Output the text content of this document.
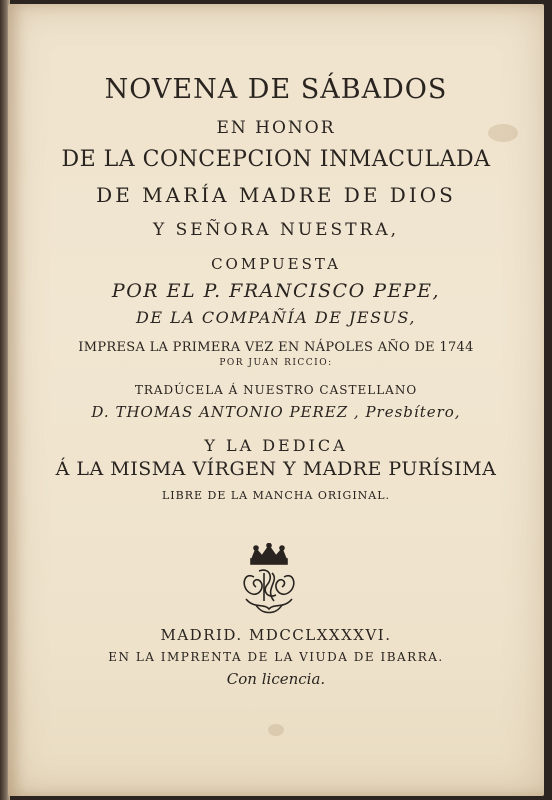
NOVENA DE SÁBADOS
EN HONOR
DE LA CONCEPCION INMACULADA
DE MARÍA MADRE DE DIOS
Y SEÑORA NUESTRA,
COMPUESTA
POR EL P. FRANCISCO PEPE,
DE LA COMPAÑÍA DE JESUS,
IMPRESA LA PRIMERA VEZ EN NÁPOLES AÑO DE 1744
POR JUAN RICCIO:
TRADÚCELA Á NUESTRO CASTELLANO
D. THOMAS ANTONIO PEREZ , Presbítero,
Y LA DEDICA
Á LA MISMA VÍRGEN Y MADRE PURÍSIMA
LIBRE DE LA MANCHA ORIGINAL.
MADRID. MDCCLXXXXVI.
EN LA IMPRENTA DE LA VIUDA DE IBARRA.
Con licencia.
